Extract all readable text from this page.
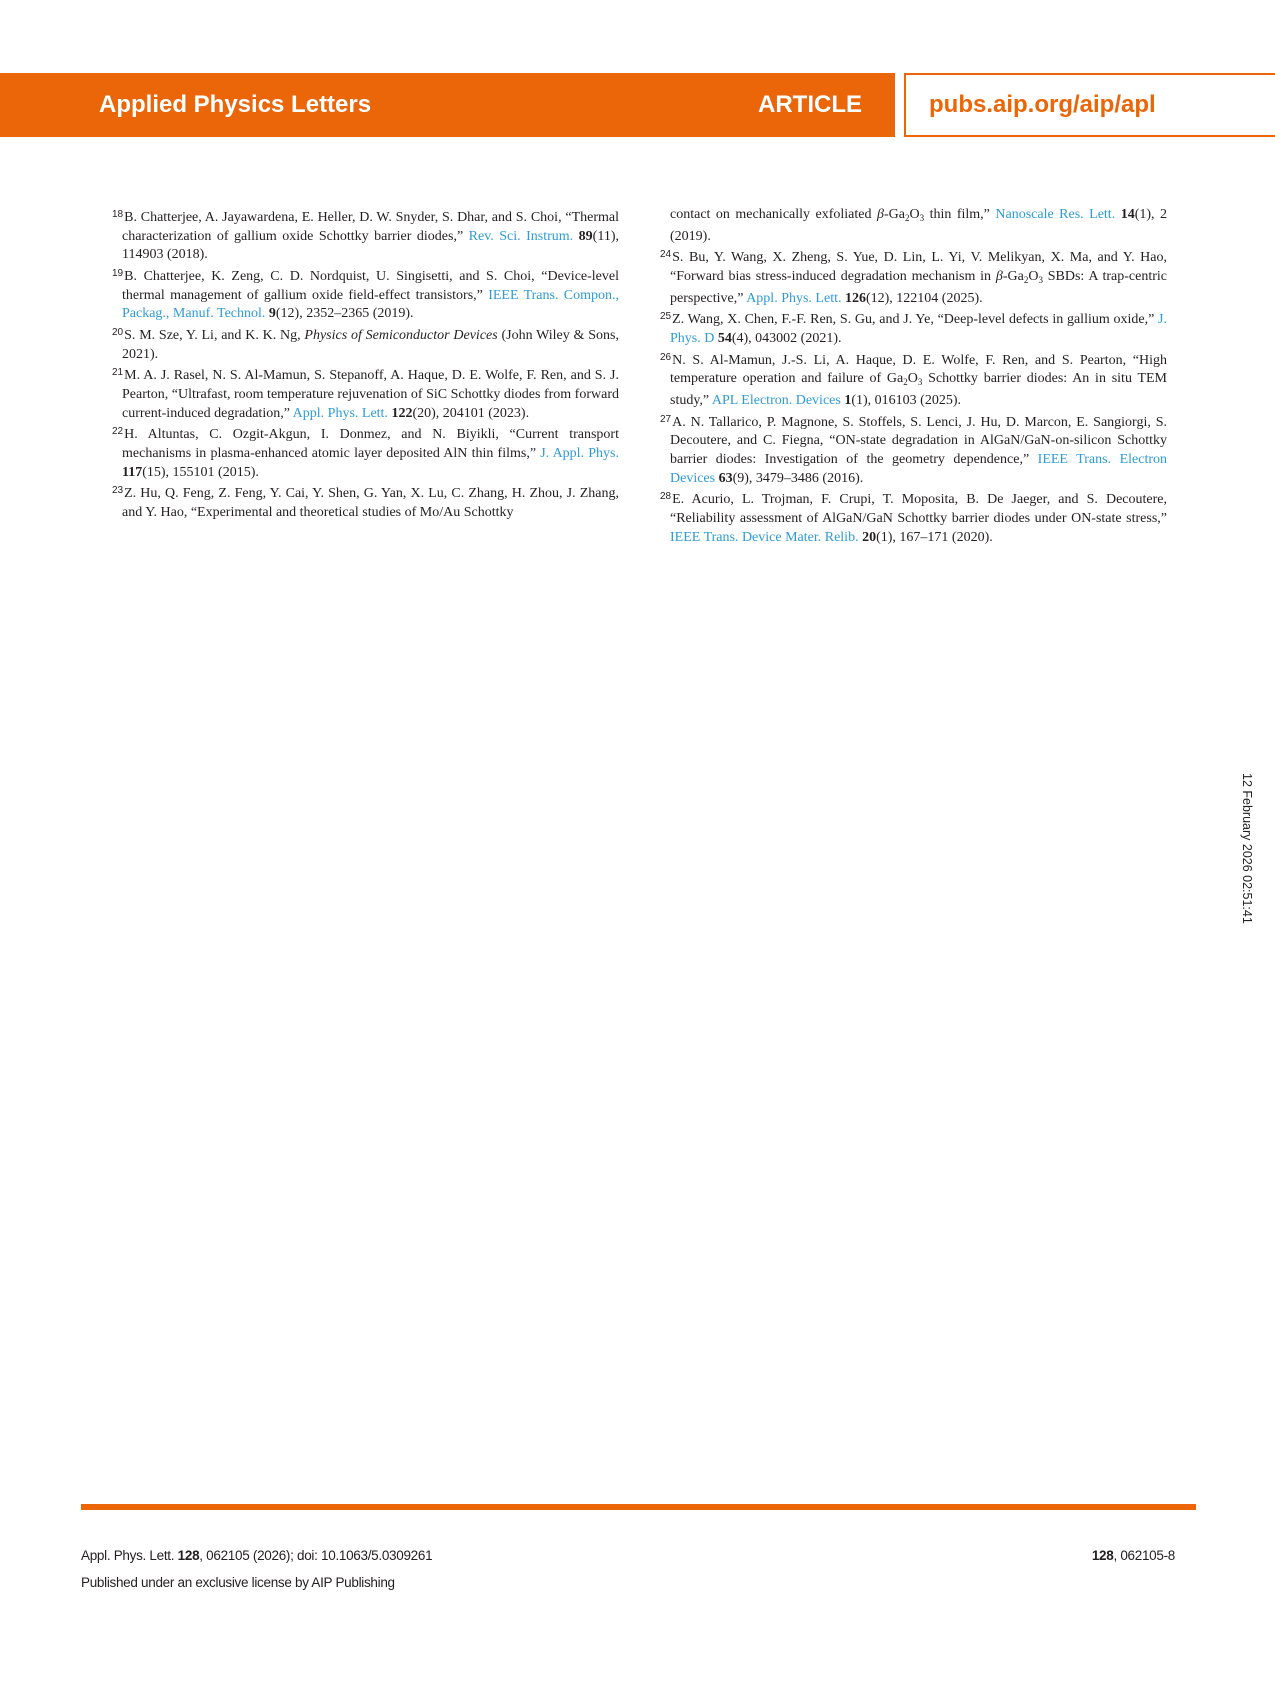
Applied Physics Letters	ARTICLE	pubs.aip.org/aip/apl
$^{18}$B. Chatterjee, A. Jayawardena, E. Heller, D. W. Snyder, S. Dhar, and S. Choi, “Thermal characterization of gallium oxide Schottky barrier diodes,” Rev. Sci. Instrum. 89(11), 114903 (2018).
$^{19}$B. Chatterjee, K. Zeng, C. D. Nordquist, U. Singisetti, and S. Choi, “Device-level thermal management of gallium oxide field-effect transistors,” IEEE Trans. Compon., Packag., Manuf. Technol. 9(12), 2352–2365 (2019).
$^{20}$S. M. Sze, Y. Li, and K. K. Ng, Physics of Semiconductor Devices (John Wiley & Sons, 2021).
$^{21}$M. A. J. Rasel, N. S. Al-Mamun, S. Stepanoff, A. Haque, D. E. Wolfe, F. Ren, and S. J. Pearton, “Ultrafast, room temperature rejuvenation of SiC Schottky diodes from forward current-induced degradation,” Appl. Phys. Lett. 122(20), 204101 (2023).
$^{22}$H. Altuntas, C. Ozgit-Akgun, I. Donmez, and N. Biyikli, “Current transport mechanisms in plasma-enhanced atomic layer deposited AlN thin films,” J. Appl. Phys. 117(15), 155101 (2015).
$^{23}$Z. Hu, Q. Feng, Z. Feng, Y. Cai, Y. Shen, G. Yan, X. Lu, C. Zhang, H. Zhou, J. Zhang, and Y. Hao, “Experimental and theoretical studies of Mo/Au Schottky
contact on mechanically exfoliated $\beta-Ga_2O_3$ thin film,” Nanoscale Res. Lett. 14(1), 2 (2019).
$^{24}$S. Bu, Y. Wang, X. Zheng, S. Yue, D. Lin, L. Yi, V. Melikyan, X. Ma, and Y. Hao, “Forward bias stress-induced degradation mechanism in $\beta-Ga_2O_3$ SBDs: A trap-centric perspective,” Appl. Phys. Lett. 126(12), 122104 (2025).
$^{25}$Z. Wang, X. Chen, F.-F. Ren, S. Gu, and J. Ye, “Deep-level defects in gallium oxide,” J. Phys. D 54(4), 043002 (2021).
$^{26}$N. S. Al-Mamun, J.-S. Li, A. Haque, D. E. Wolfe, F. Ren, and S. Pearton, “High temperature operation and failure of $Ga_2O_3$ Schottky barrier diodes: An in situ TEM study,” APL Electron. Devices 1(1), 016103 (2025).
$^{27}$A. N. Tallarico, P. Magnone, S. Stoffels, S. Lenci, J. Hu, D. Marcon, E. Sangiorgi, S. Decoutere, and C. Fiegna, “ON-state degradation in AlGaN/GaN-on-silicon Schottky barrier diodes: Investigation of the geometry dependence,” IEEE Trans. Electron Devices 63(9), 3479–3486 (2016).
$^{28}$E. Acurio, L. Trojman, F. Crupi, T. Moposita, B. De Jaeger, and S. Decoutere, “Reliability assessment of AlGaN/GaN Schottky barrier diodes under ON-state stress,” IEEE Trans. Device Mater. Relib. 20(1), 167–171 (2020).
12 February 2026 02:51:41
Appl. Phys. Lett. 128, 062105 (2026); doi: 10.1063/5.0309261
Published under an exclusive license by AIP Publishing
128, 062105-8
